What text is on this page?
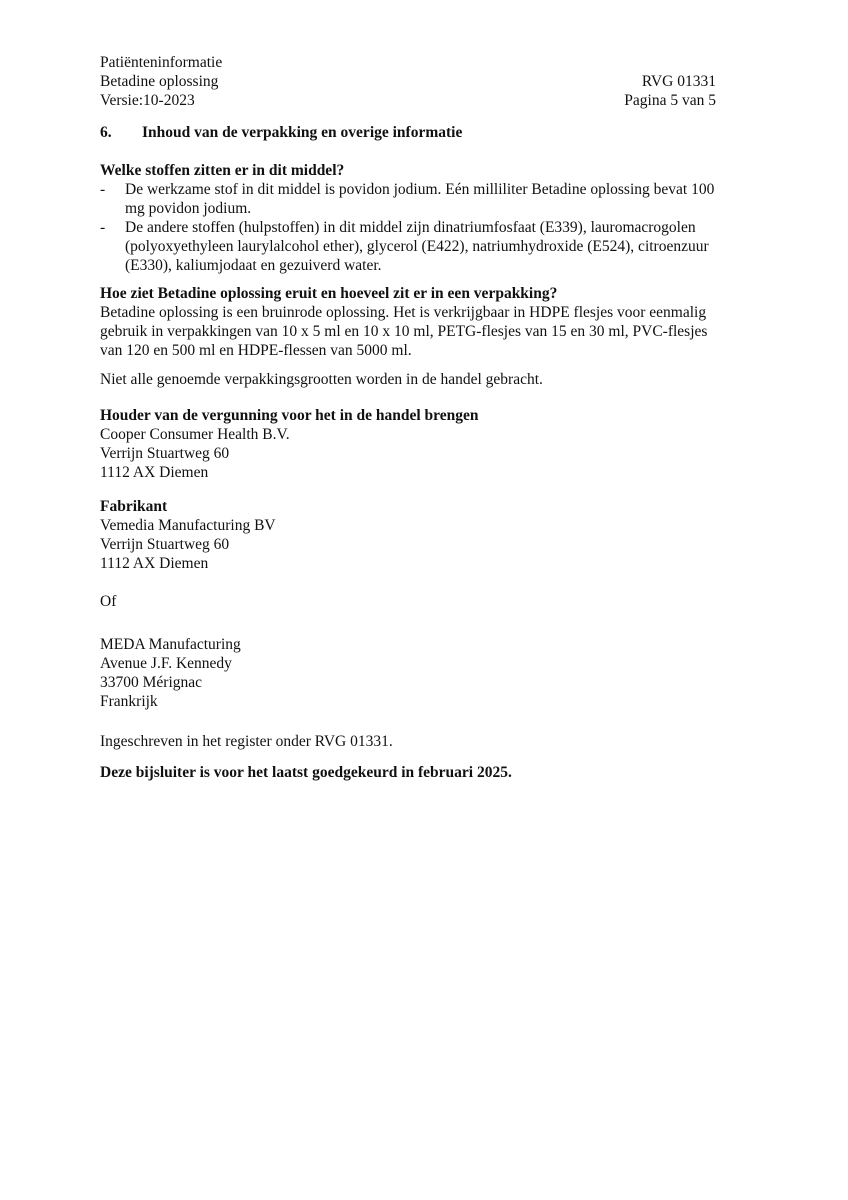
Patiënteninformatie
Betadine oplossing
Versie:10-2023
RVG 01331
Pagina 5 van 5
6.	Inhoud van de verpakking en overige informatie
Welke stoffen zitten er in dit middel?
-	De werkzame stof in dit middel is povidon jodium. Eén milliliter Betadine oplossing bevat 100 mg povidon jodium.
-	De andere stoffen (hulpstoffen) in dit middel zijn dinatriumfosfaat (E339), lauromacrogolen (polyoxyethyleen laurylalcohol ether), glycerol (E422), natriumhydroxide (E524), citroenzuur (E330), kaliumjodaat en gezuiverd water.
Hoe ziet Betadine oplossing eruit en hoeveel zit er in een verpakking?
Betadine oplossing is een bruinrode oplossing. Het is verkrijgbaar in HDPE flesjes voor eenmalig gebruik in verpakkingen van 10 x 5 ml en 10 x 10 ml, PETG-flesjes van 15 en 30 ml, PVC-flesjes van 120 en 500 ml en HDPE-flessen van 5000 ml.
Niet alle genoemde verpakkingsgrootten worden in de handel gebracht.
Houder van de vergunning voor het in de handel brengen
Cooper Consumer Health B.V.
Verrijn Stuartweg 60
1112 AX Diemen
Fabrikant
Vemedia Manufacturing BV
Verrijn Stuartweg 60
1112 AX Diemen
Of
MEDA Manufacturing
Avenue J.F. Kennedy
33700 Mérignac
Frankrijk
Ingeschreven in het register onder RVG 01331.
Deze bijsluiter is voor het laatst goedgekeurd in februari 2025.
